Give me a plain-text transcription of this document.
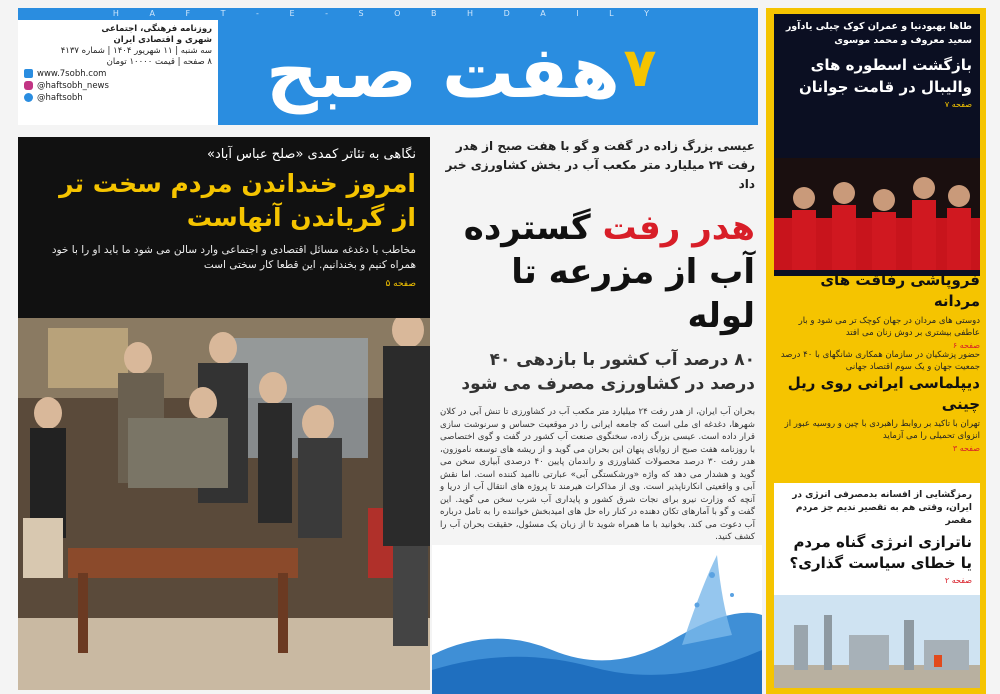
H A F T - E - S O B H D A I L Y
هفت صبح ۷
روزنامه فرهنگی، اجتماعی
شهری و اقتصادی ایران
سه شنبه | ۱۱ شهریور ۱۴۰۴ | شماره ۴۱۳۷
۸ صفحه | قیمت ۱۰۰۰۰ تومان
www.7sobh.com
@haftsobh_news
@haftsobh
نگاهی به تئاتر کمدی «صلح عباس آباد»
امروز خنداندن مردم سخت تر از گریاندن آنهاست
مخاطب با دغدغه مسائل اقتصادی و اجتماعی وارد سالن می شود ما باید او را با خود همراه کنیم و بخندانیم. این قطعا کار سختی است
صفحه ۵
عیسی بزرگ زاده در گفت و گو با هفت صبح از هدر رفت ۲۴ میلیارد متر مکعب آب در بخش کشاورزی خبر داد
هدر رفت گسترده
آب از مزرعه تا لوله
۸۰ درصد آب کشور با بازدهی ۴۰ درصد در کشاورزی مصرف می شود
بحران آب ایران، از هدر رفت ۲۴ میلیارد متر مکعب آب در کشاورزی تا تنش آبی در کلان شهرها، دغدغه ای ملی است که جامعه ایرانی را در موقعیت حساس و سرنوشت سازی قرار داده است. عیسی بزرگ زاده، سخنگوی صنعت آب کشور در گفت و گوی اختصاصی با روزنامه هفت صبح از زوایای پنهان این بحران می گوید و از ریشه های توسعه ناموزون، هدر رفت ۳۰ درصد محصولات کشاورزی و راندمان پایین ۴۰ درصدی آبیاری سخن می گوید و هشدار می دهد که واژه «ورشکستگی آبی» عبارتی ناامید کننده است. اما نقش آبی و واقعیتی انکارناپذیر است. وی از مذاکرات هیرمند تا پروژه های انتقال آب از دریا و آنچه که وزارت نیرو برای نجات شرق کشور و پایداری آب شرب سخن می گوید. این گفت و گو با آمارهای تکان دهنده در کنار راه حل های امیدبخش خواننده را به تامل درباره آب دعوت می کند. بخوانید با ما همراه شوید تا از زبان یک مسئول، حقیقت بحران آب را کشف کنید.
طاها بهبودنیا و عمران کوک چیلی یادآور سعید معروف و محمد موسوی
بازگشت اسطوره های والیبال در قامت جوانان
صفحه ۷
فروپاشی رفاقت های مردانه
دوستی های مردان در جهان کوچک تر می شود و بار عاطفی بیشتری بر دوش زنان می افتد
صفحه ۶
حضور پزشکیان در سازمان همکاری شانگهای با ۴۰ درصد جمعیت جهان و یک سوم اقتصاد جهانی
دیپلماسی ایرانی روی ریل چینی
تهران با تاکید بر روابط راهبردی با چین و روسیه عبور از انزوای تحمیلی را می آزماید
صفحه ۳
رمزگشایی از افسانه بدمصرفی انرژی در ایران، وقتی هم به تقصیر ندیم جز مردم مقصر
ناترازی انرژی گناه مردم یا خطای سیاست گذاری؟
صفحه ۲
